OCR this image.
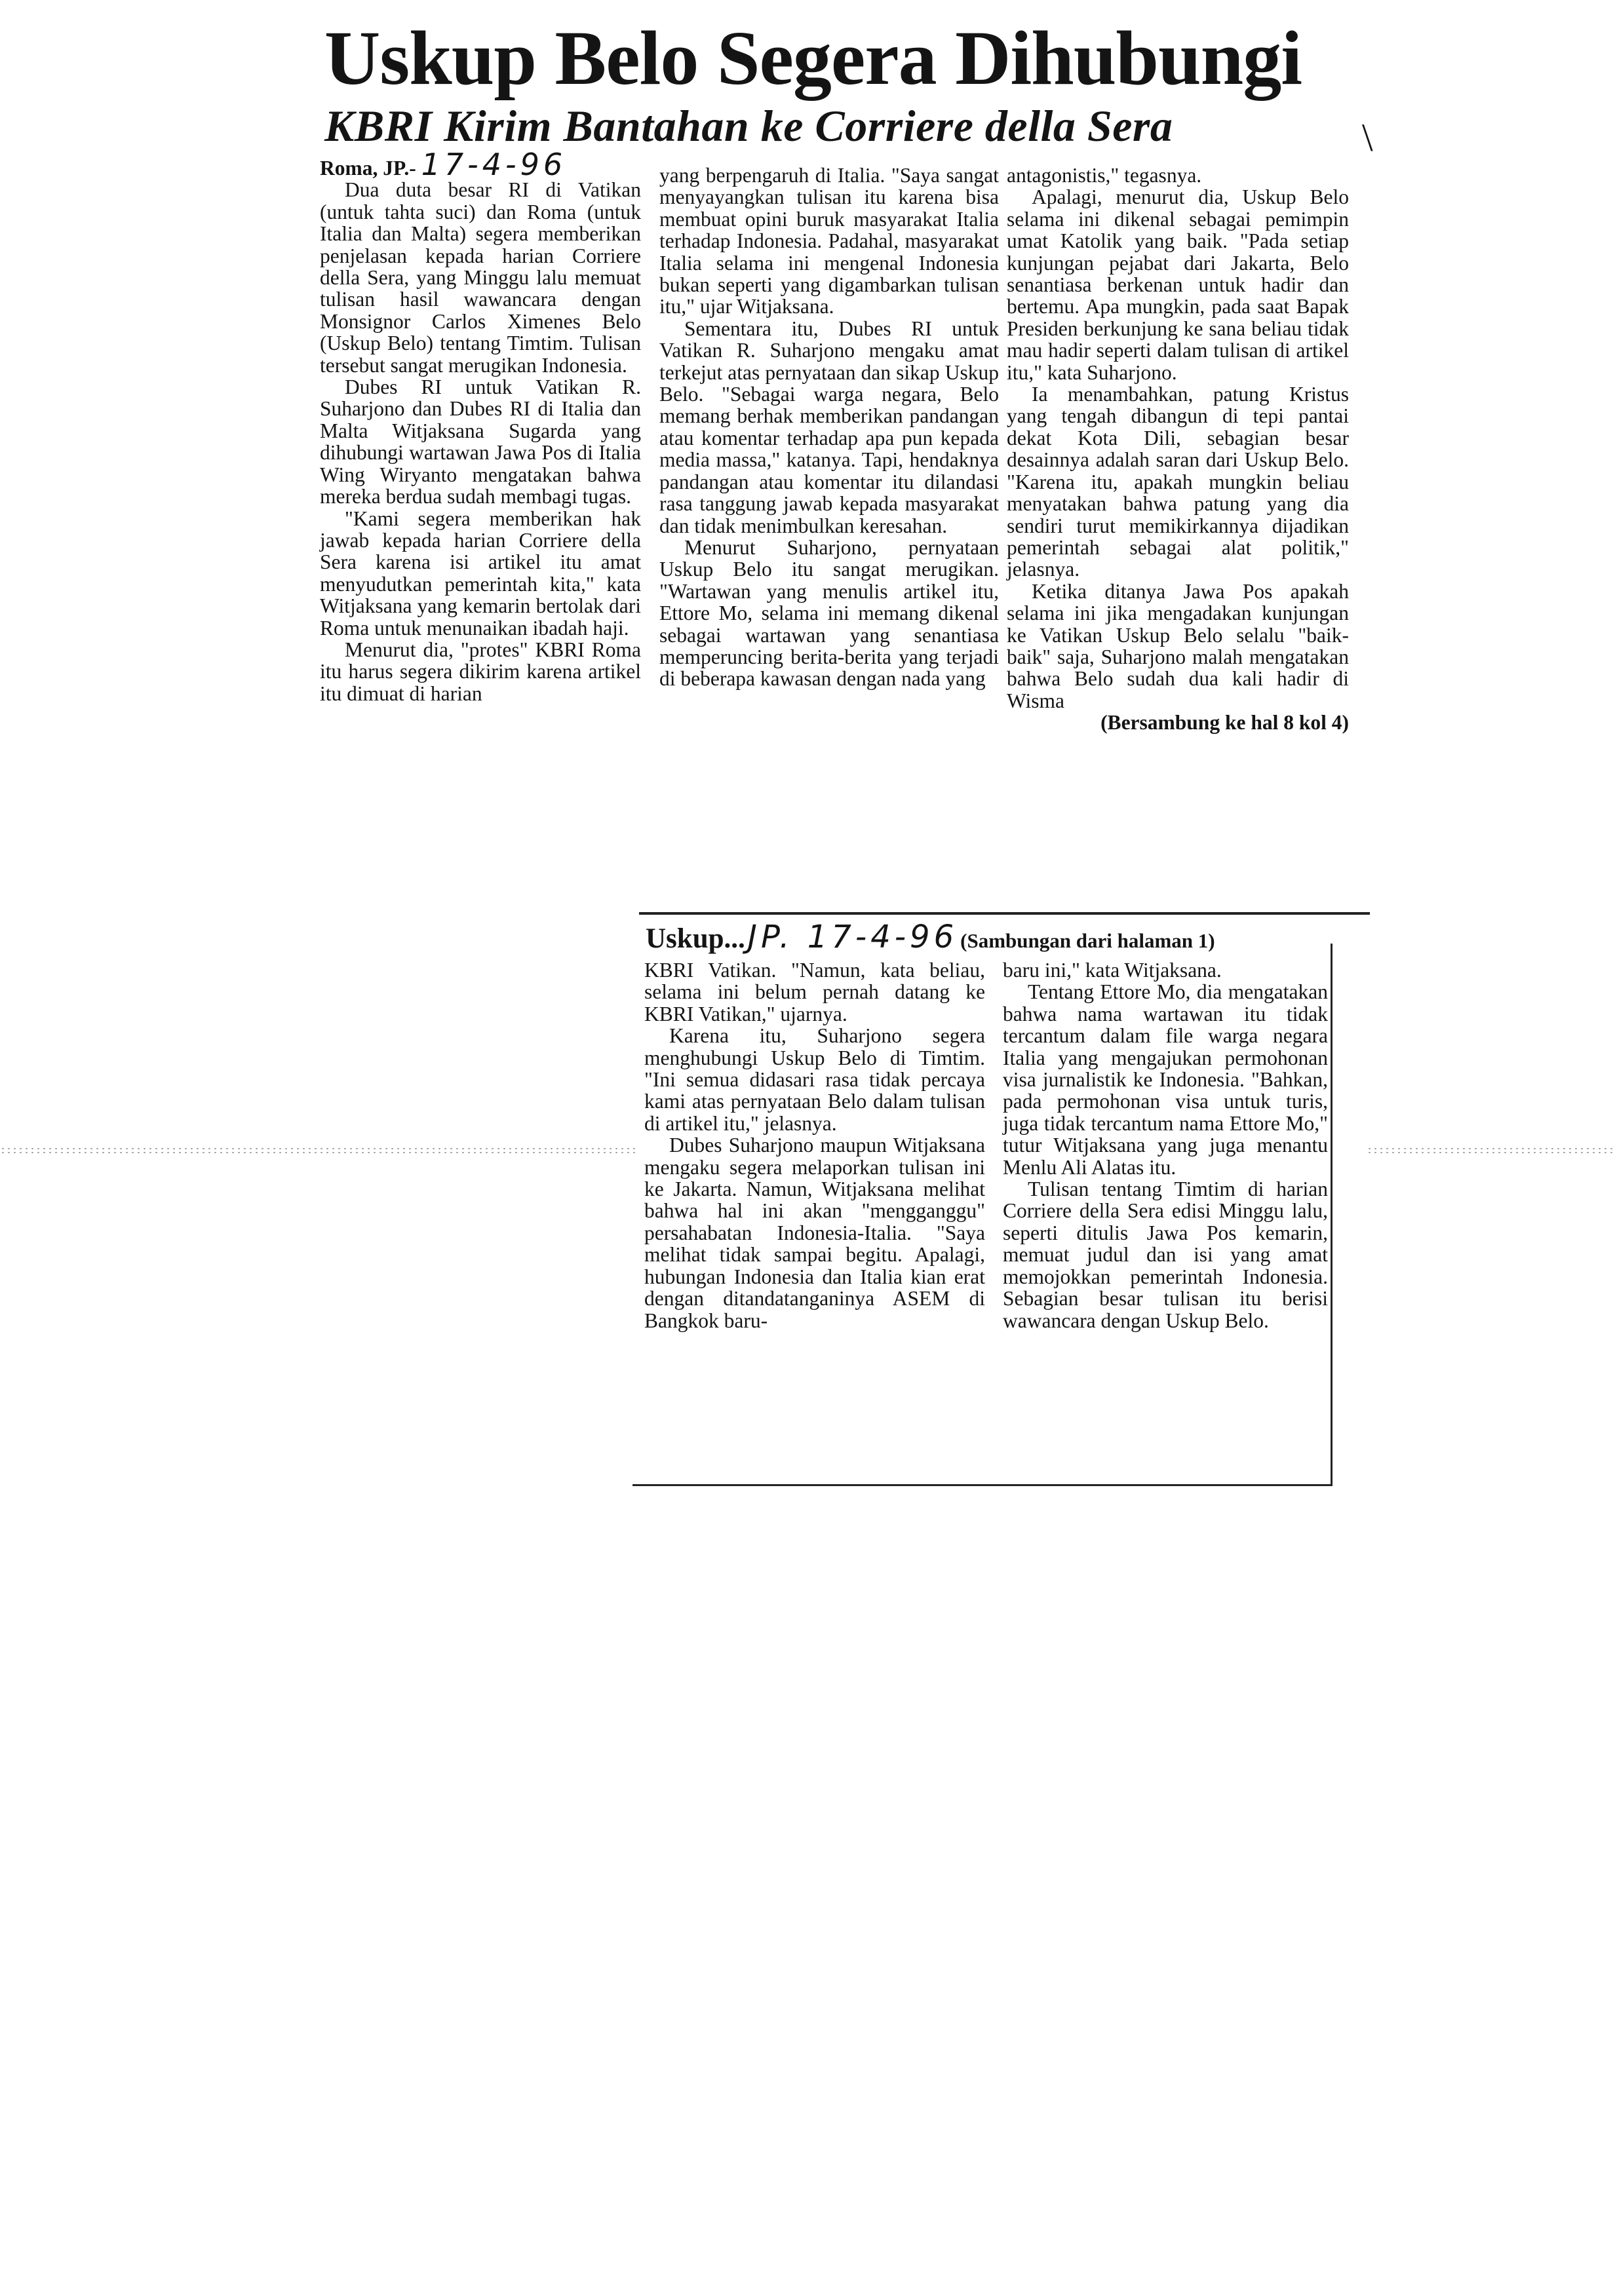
Uskup Belo Segera Dihubungi
KBRI Kirim Bantahan ke Corriere della Sera	\

Roma, JP.- 17-4-96

Dua duta besar RI di Vatikan (untuk tahta suci) dan Roma (untuk Italia dan Malta) segera memberikan penjelasan kepada harian Corriere della Sera, yang Minggu lalu memuat tulisan hasil wawancara dengan Monsignor Carlos Ximenes Belo (Uskup Belo) tentang Timtim. Tulisan tersebut sangat merugikan Indonesia.

Dubes RI untuk Vatikan R. Suharjono dan Dubes RI di Italia dan Malta Witjaksana Sugarda yang dihubungi wartawan Jawa Pos di Italia Wing Wiryanto mengatakan bahwa mereka berdua sudah membagi tugas.

"Kami segera memberikan hak jawab kepada harian Corriere della Sera karena isi artikel itu amat menyudutkan pemerintah kita," kata Witjaksana yang kemarin bertolak dari Roma untuk menunaikan ibadah haji.

Menurut dia, "protes" KBRI Roma itu harus segera dikirim karena artikel itu dimuat di harian

yang berpengaruh di Italia. "Saya sangat menyayangkan tulisan itu karena bisa membuat opini buruk masyarakat Italia terhadap Indonesia. Padahal, masyarakat Italia selama ini mengenal Indonesia bukan seperti yang digambarkan tulisan itu," ujar Witjaksana.

Sementara itu, Dubes RI untuk Vatikan R. Suharjono mengaku amat terkejut atas pernyataan dan sikap Uskup Belo. "Sebagai warga negara, Belo memang berhak memberikan pandangan atau komentar terhadap apa pun kepada media massa," katanya. Tapi, hendaknya pandangan atau komentar itu dilandasi rasa tanggung jawab kepada masyarakat dan tidak menimbulkan keresahan.

Menurut Suharjono, pernyataan Uskup Belo itu sangat merugikan. "Wartawan yang menulis artikel itu, Ettore Mo, selama ini memang dikenal sebagai wartawan yang senantiasa memperuncing berita-berita yang terjadi di beberapa kawasan dengan nada yang

antagonistis," tegasnya.

Apalagi, menurut dia, Uskup Belo selama ini dikenal sebagai pemimpin umat Katolik yang baik. "Pada setiap kunjungan pejabat dari Jakarta, Belo senantiasa berkenan untuk hadir dan bertemu. Apa mungkin, pada saat Bapak Presiden berkunjung ke sana beliau tidak mau hadir seperti dalam tulisan di artikel itu," kata Suharjono.

Ia menambahkan, patung Kristus yang tengah dibangun di tepi pantai dekat Kota Dili, sebagian besar desainnya adalah saran dari Uskup Belo. "Karena itu, apakah mungkin beliau menyatakan bahwa patung yang dia sendiri turut memikirkannya dijadikan pemerintah sebagai alat politik," jelasnya.

Ketika ditanya Jawa Pos apakah selama ini jika mengadakan kunjungan ke Vatikan Uskup Belo selalu "baik-baik" saja, Suharjono malah mengatakan bahwa Belo sudah dua kali hadir di Wisma

(Bersambung ke hal 8 kol 4)

Uskup... JP. 17-4-96 (Sambungan dari halaman 1)

KBRI Vatikan. "Namun, kata beliau, selama ini belum pernah datang ke KBRI Vatikan," ujarnya.

Karena itu, Suharjono segera menghubungi Uskup Belo di Timtim. "Ini semua didasari rasa tidak percaya kami atas pernyataan Belo dalam tulisan di artikel itu," jelasnya.

Dubes Suharjono maupun Witjaksana mengaku segera melaporkan tulisan ini ke Jakarta. Namun, Witjaksana melihat bahwa hal ini akan "mengganggu" persahabatan Indonesia-Italia. "Saya melihat tidak sampai begitu. Apalagi, hubungan Indonesia dan Italia kian erat dengan ditandatanganinya ASEM di Bangkok baru-

baru ini," kata Witjaksana.

Tentang Ettore Mo, dia mengatakan bahwa nama wartawan itu tidak tercantum dalam file warga negara Italia yang mengajukan permohonan visa jurnalistik ke Indonesia. "Bahkan, pada permohonan visa untuk turis, juga tidak tercantum nama Ettore Mo," tutur Witjaksana yang juga menantu Menlu Ali Alatas itu.

Tulisan tentang Timtim di harian Corriere della Sera edisi Minggu lalu, seperti ditulis Jawa Pos kemarin, memuat judul dan isi yang amat memojokkan pemerintah Indonesia. Sebagian besar tulisan itu berisi wawancara dengan Uskup Belo.
